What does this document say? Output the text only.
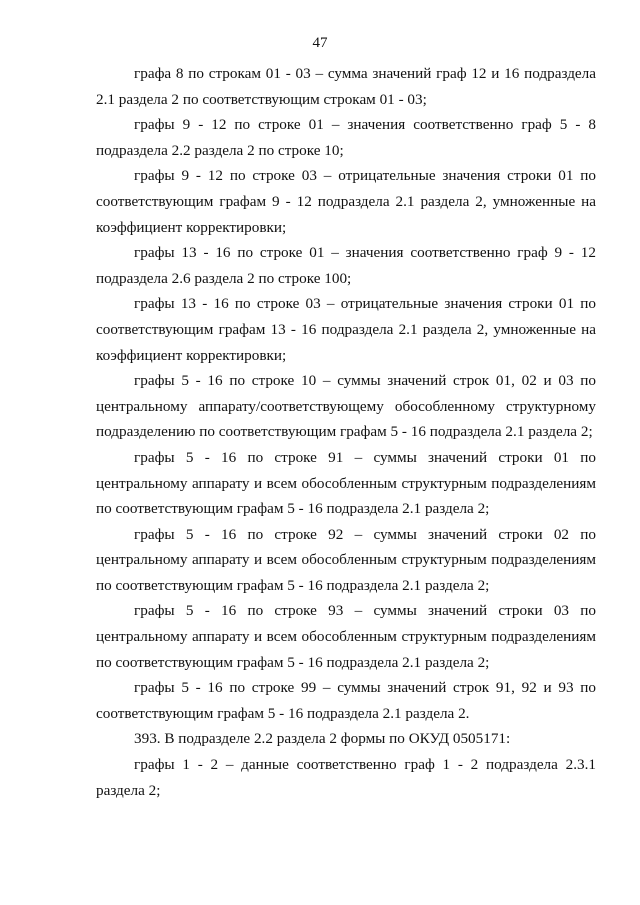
47

графа 8 по строкам 01 - 03 – сумма значений граф 12 и 16 подраздела 2.1 раздела 2 по соответствующим строкам 01 - 03;

графы 9 - 12 по строке 01 – значения соответственно граф 5 - 8 подраздела 2.2 раздела 2 по строке 10;

графы 9 - 12 по строке 03 – отрицательные значения строки 01 по соответствующим графам 9 - 12 подраздела 2.1 раздела 2, умноженные на коэффициент корректировки;

графы 13 - 16 по строке 01 – значения соответственно граф 9 - 12 подраздела 2.6 раздела 2 по строке 100;

графы 13 - 16 по строке 03 – отрицательные значения строки 01 по соответствующим графам 13 - 16 подраздела 2.1 раздела 2, умноженные на коэффициент корректировки;

графы 5 - 16 по строке 10 – суммы значений строк 01, 02 и 03 по центральному аппарату/соответствующему обособленному структурному подразделению по соответствующим графам 5 - 16 подраздела 2.1 раздела 2;

графы 5 - 16 по строке 91 – суммы значений строки 01 по центральному аппарату и всем обособленным структурным подразделениям по соответствующим графам 5 - 16 подраздела 2.1 раздела 2;

графы 5 - 16 по строке 92 – суммы значений строки 02 по центральному аппарату и всем обособленным структурным подразделениям по соответствующим графам 5 - 16 подраздела 2.1 раздела 2;

графы 5 - 16 по строке 93 – суммы значений строки 03 по центральному аппарату и всем обособленным структурным подразделениям по соответствующим графам 5 - 16 подраздела 2.1 раздела 2;

графы 5 - 16 по строке 99 – суммы значений строк 91, 92 и 93 по соответствующим графам 5 - 16 подраздела 2.1 раздела 2.

393. В подразделе 2.2 раздела 2 формы по ОКУД 0505171:

графы 1 - 2 – данные соответственно граф 1 - 2 подраздела 2.3.1 раздела 2;
